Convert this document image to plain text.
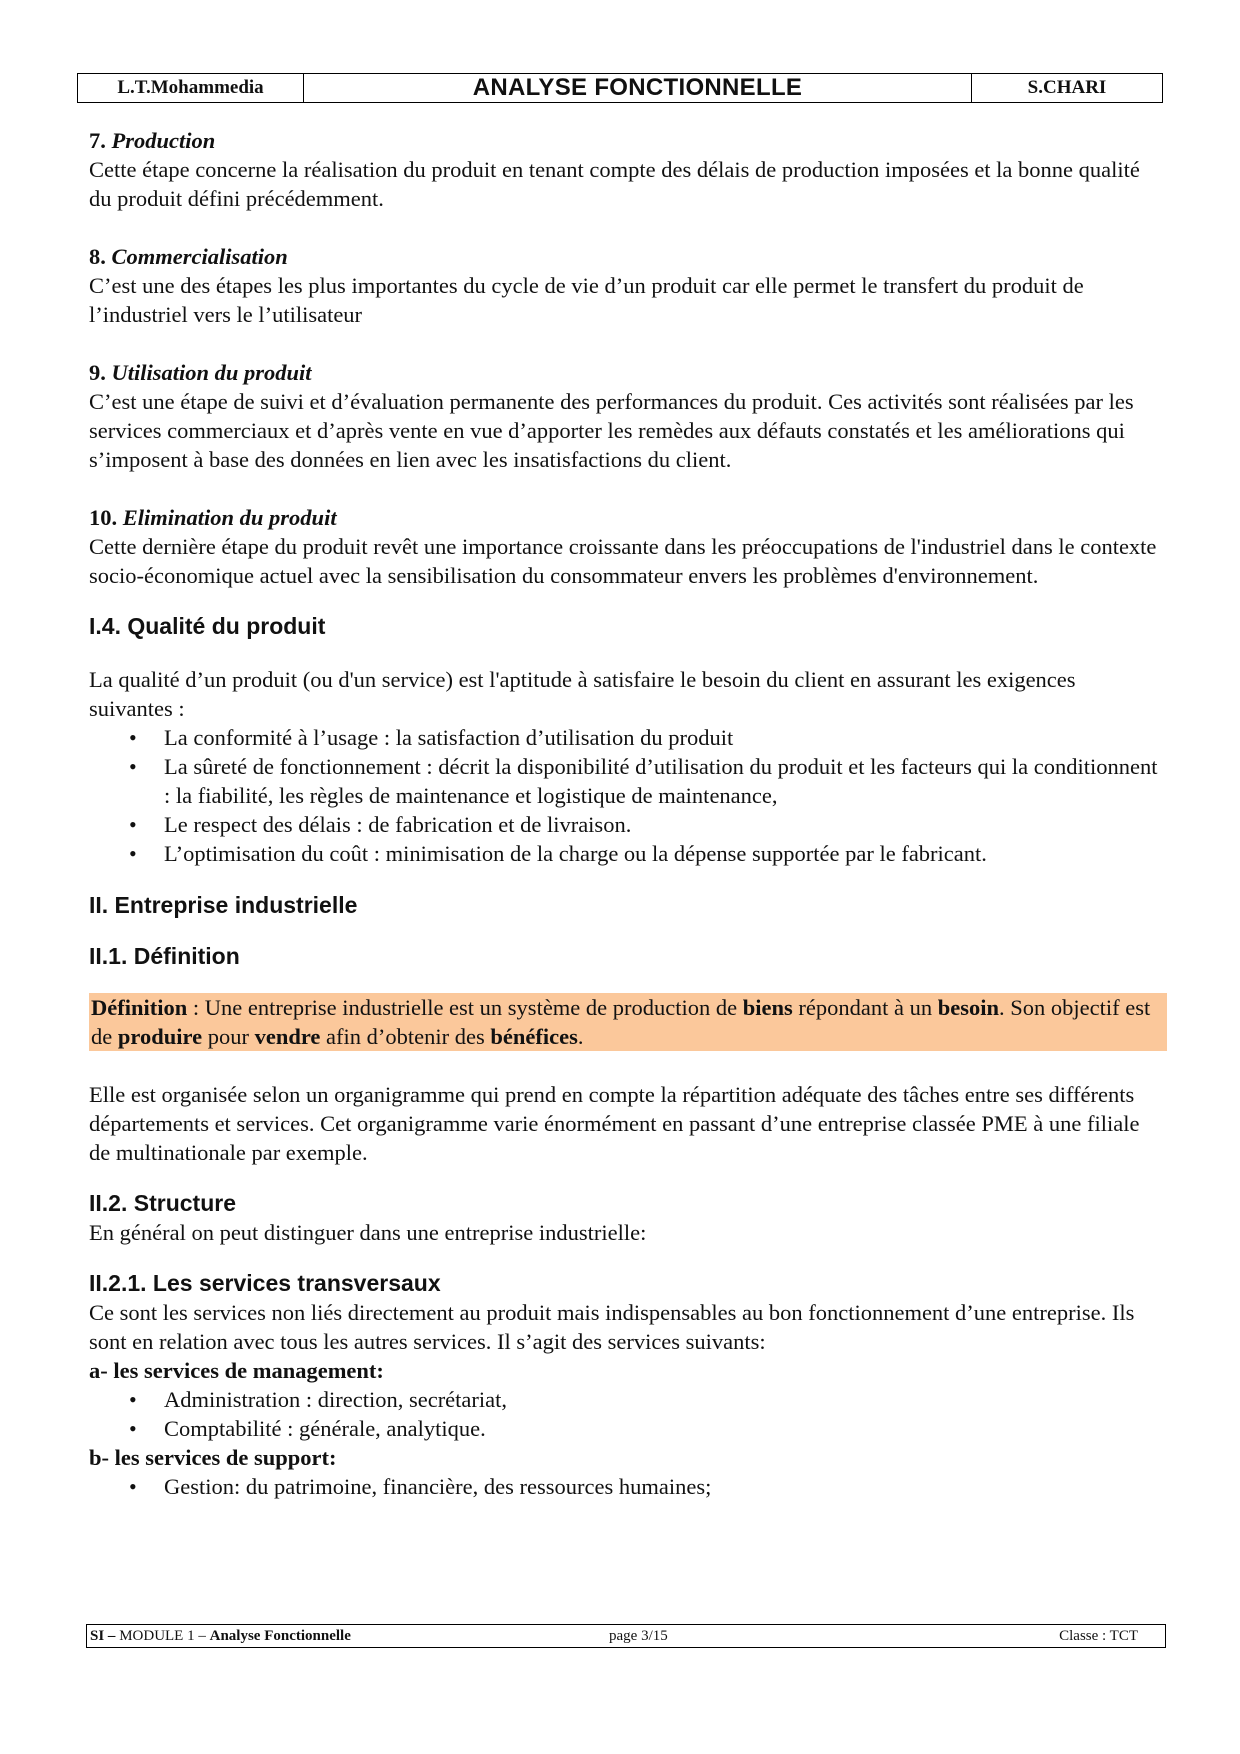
L.T.Mohammedia	ANALYSE FONCTIONNELLE	S.CHARI

7. Production

Cette étape concerne la réalisation du produit en tenant compte des délais de production imposées et la bonne qualité du produit défini précédemment.

8. Commercialisation

C’est une des étapes les plus importantes du cycle de vie d’un produit car elle permet le transfert du produit de l’industriel vers le l’utilisateur

9. Utilisation du produit

C’est une étape de suivi et d’évaluation permanente des performances du produit. Ces activités sont réalisées par les services commerciaux et d’après vente en vue d’apporter les remèdes aux défauts constatés et les améliorations qui s’imposent à base des données en lien avec les insatisfactions du client.

10. Elimination du produit

Cette dernière étape du produit revêt une importance croissante dans les préoccupations de l'industriel dans le contexte socio-économique actuel avec la sensibilisation du consommateur envers les problèmes d'environnement.

I.4. Qualité du produit

La qualité d’un produit (ou d'un service) est l'aptitude à satisfaire le besoin du client en assurant les exigences suivantes :

• La conformité à l’usage : la satisfaction d’utilisation du produit
• La sûreté de fonctionnement : décrit la disponibilité d’utilisation du produit et les facteurs qui la conditionnent : la fiabilité, les règles de maintenance et logistique de maintenance,
• Le respect des délais : de fabrication et de livraison.
• L’optimisation du coût : minimisation de la charge ou la dépense supportée par le fabricant.

II. Entreprise industrielle

II.1. Définition

Définition : Une entreprise industrielle est un système de production de biens répondant à un besoin. Son objectif est de produire pour vendre afin d’obtenir des bénéfices.

Elle est organisée selon un organigramme qui prend en compte la répartition adéquate des tâches entre ses différents départements et services. Cet organigramme varie énormément en passant d’une entreprise classée PME à une filiale de multinationale par exemple.

II.2. Structure

En général on peut distinguer dans une entreprise industrielle:

II.2.1. Les services transversaux

Ce sont les services non liés directement au produit mais indispensables au bon fonctionnement d’une entreprise. Ils sont en relation avec tous les autres services. Il s’agit des services suivants:

a- les services de management:

• Administration : direction, secrétariat,
• Comptabilité : générale, analytique.

b- les services de support:

• Gestion: du patrimoine, financière, des ressources humaines;
SI – MODULE 1 – Analyse Fonctionnelle	page 3/15	Classe : TCT
